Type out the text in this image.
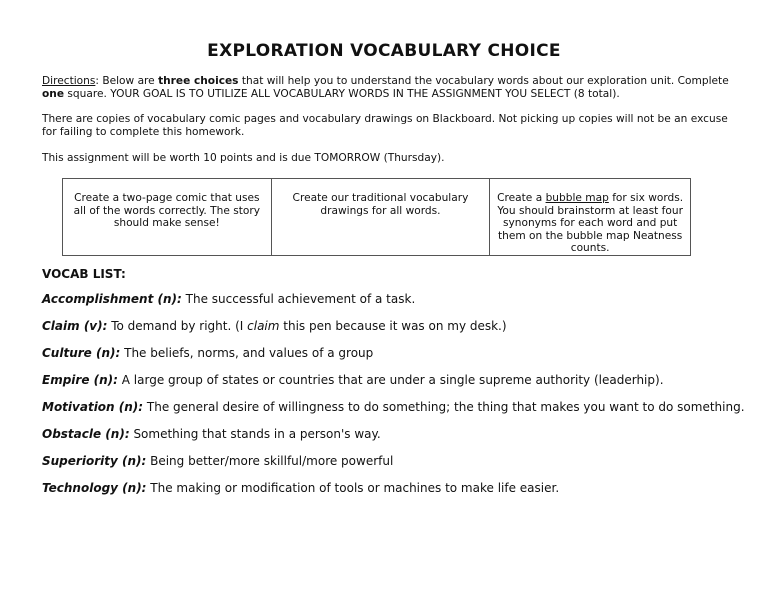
EXPLORATION VOCABULARY CHOICE
Directions: Below are three choices that will help you to understand the vocabulary words about our exploration unit. Complete one square. YOUR GOAL IS TO UTILIZE ALL VOCABULARY WORDS IN THE ASSIGNMENT YOU SELECT (8 total).
There are copies of vocabulary comic pages and vocabulary drawings on Blackboard. Not picking up copies will not be an excuse for failing to complete this homework.
This assignment will be worth 10 points and is due TOMORROW (Thursday).
Create a two-page comic that uses all of the words correctly. The story should make sense!	Create our traditional vocabulary drawings for all words.	Create a bubble map for six words. You should brainstorm at least four synonyms for each word and put them on the bubble map Neatness counts.
VOCAB LIST:
Accomplishment (n): The successful achievement of a task.
Claim (v): To demand by right. (I claim this pen because it was on my desk.)
Culture (n): The beliefs, norms, and values of a group
Empire (n): A large group of states or countries that are under a single supreme authority (leaderhip).
Motivation (n): The general desire of willingness to do something; the thing that makes you want to do something.
Obstacle (n): Something that stands in a person's way.
Superiority (n): Being better/more skillful/more powerful
Technology (n): The making or modification of tools or machines to make life easier.
